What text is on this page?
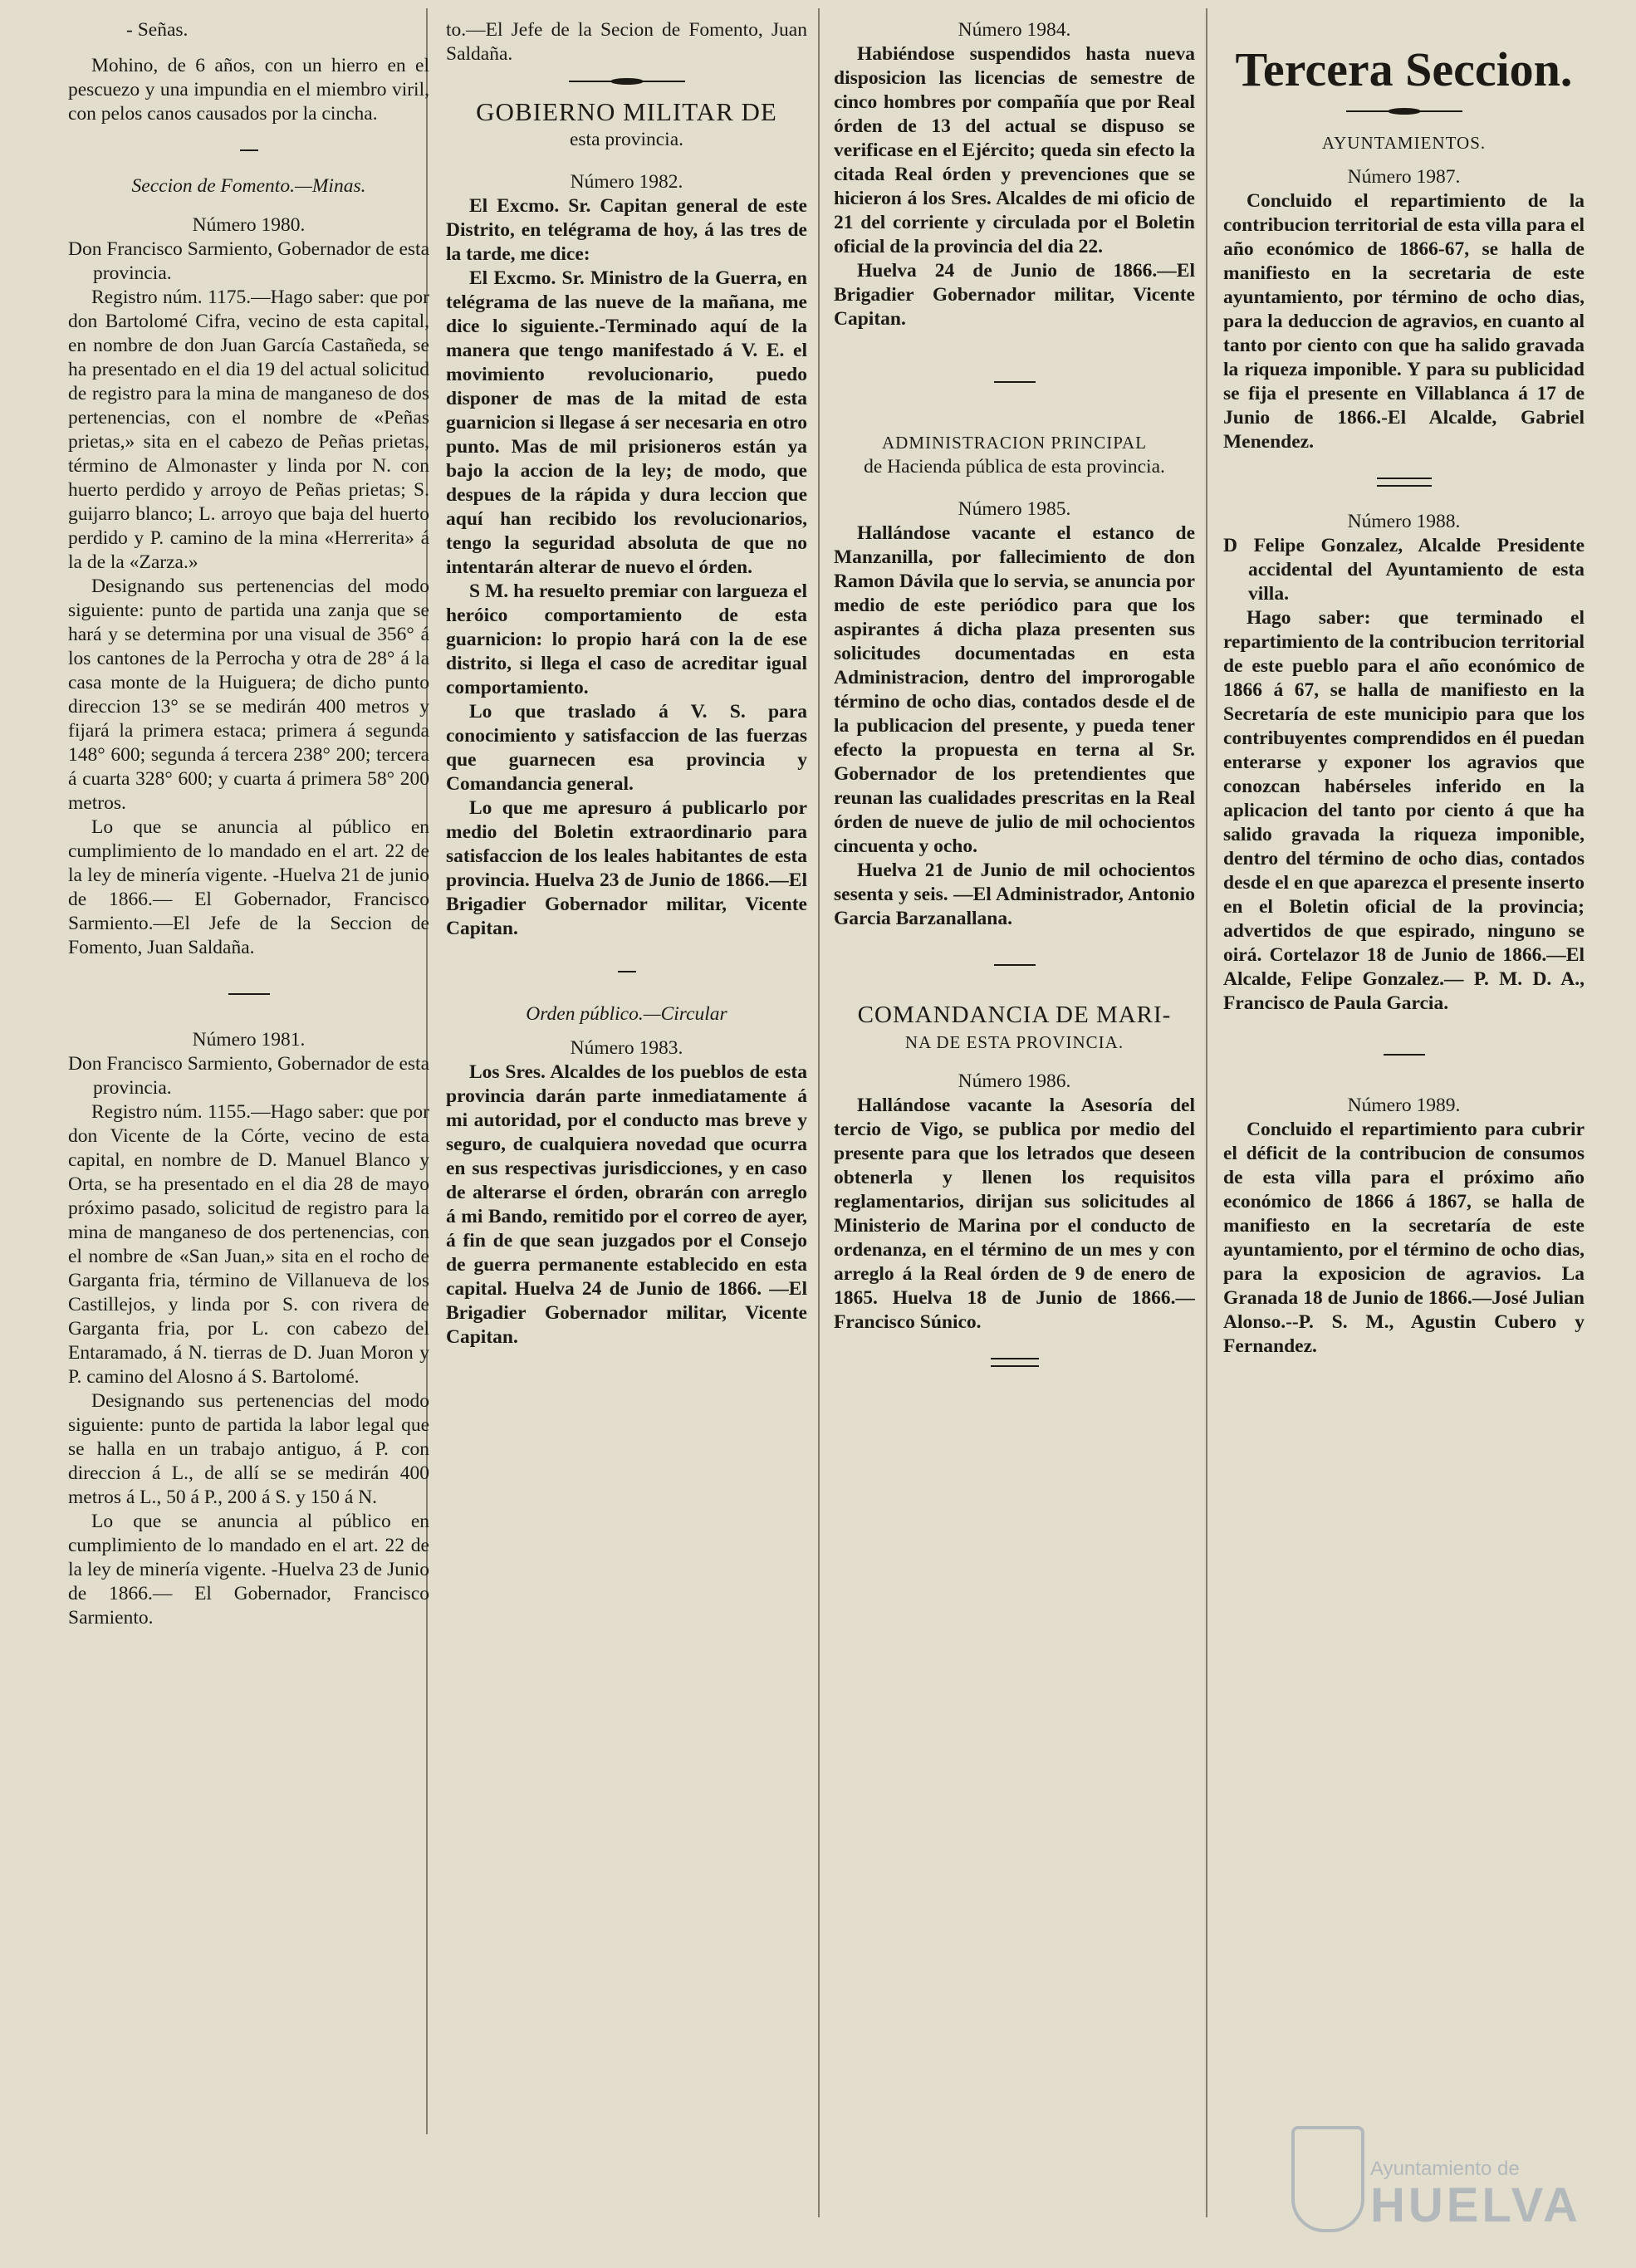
- Señas.

Mohino, de 6 años, con un hierro en el pescuezo y una impundia en el miembro viril, con pelos canos causados por la cincha.

Seccion de Fomento.—Minas.

Número 1980.

Don Francisco Sarmiento, Gobernador de esta provincia.

Registro núm. 1175.—Hago saber: que por don Bartolomé Cifra, vecino de esta capital, en nombre de don Juan García Castañeda, se ha presentado en el dia 19 del actual solicitud de registro para la mina de manganeso de dos pertenencias, con el nombre de «Peñas prietas,» sita en el cabezo de Peñas prietas, término de Almonaster y linda por N. con huerto perdido y arroyo de Peñas prietas; S. guijarro blanco; L. arroyo que baja del huerto perdido y P. camino de la mina «Herrerita» á la de la «Zarza.»

Designando sus pertenencias del modo siguiente: punto de partida una zanja que se hará y se determina por una visual de 356° á los cantones de la Perrocha y otra de 28° á la casa monte de la Huiguera; de dicho punto direccion 13° se se medirán 400 metros y fijará la primera estaca; primera á segunda 148° 600; segunda á tercera 238° 200; tercera á cuarta 328° 600; y cuarta á primera 58° 200 metros.

Lo que se anuncia al público en cumplimiento de lo mandado en el art. 22 de la ley de minería vigente. -Huelva 21 de junio de 1866.— El Gobernador, Francisco Sarmiento.—El Jefe de la Seccion de Fomento, Juan Saldaña.

Número 1981.

Don Francisco Sarmiento, Gobernador de esta provincia.

Registro núm. 1155.—Hago saber: que por don Vicente de la Córte, vecino de esta capital, en nombre de D. Manuel Blanco y Orta, se ha presentado en el dia 28 de mayo próximo pasado, solicitud de registro para la mina de manganeso de dos pertenencias, con el nombre de «San Juan,» sita en el rocho de Garganta fria, término de Villanueva de los Castillejos, y linda por S. con rivera de Garganta fria, por L. con cabezo del Entaramado, á N. tierras de D. Juan Moron y P. camino del Alosno á S. Bartolomé.

Designando sus pertenencias del modo siguiente: punto de partida la labor legal que se halla en un trabajo antiguo, á P. con direccion á L., de allí se se medirán 400 metros á L., 50 á P., 200 á S. y 150 á N.

Lo que se anuncia al público en cumplimiento de lo mandado en el art. 22 de la ley de minería vigente. -Huelva 23 de Junio de 1866.— El Gobernador, Francisco Sarmiento.

to.—El Jefe de la Secion de Fomento, Juan Saldaña.

GOBIERNO MILITAR DE

esta provincia.

Número 1982.

El Excmo. Sr. Capitan general de este Distrito, en telégrama de hoy, á las tres de la tarde, me dice:

El Excmo. Sr. Ministro de la Guerra, en telégrama de las nueve de la mañana, me dice lo siguiente.-Terminado aquí de la manera que tengo manifestado á V. E. el movimiento revolucionario, puedo disponer de mas de la mitad de esta guarnicion si llegase á ser necesaria en otro punto. Mas de mil prisioneros están ya bajo la accion de la ley; de modo, que despues de la rápida y dura leccion que aquí han recibido los revolucionarios, tengo la seguridad absoluta de que no intentarán alterar de nuevo el órden.

S M. ha resuelto premiar con largueza el heróico comportamiento de esta guarnicion: lo propio hará con la de ese distrito, si llega el caso de acreditar igual comportamiento.

Lo que traslado á V. S. para conocimiento y satisfaccion de las fuerzas que guarnecen esa provincia y Comandancia general.

Lo que me apresuro á publicarlo por medio del Boletin extraordinario para satisfaccion de los leales habitantes de esta provincia. Huelva 23 de Junio de 1866.—El Brigadier Gobernador militar, Vicente Capitan.

Orden público.—Circular

Número 1983.

Los Sres. Alcaldes de los pueblos de esta provincia darán parte inmediatamente á mi autoridad, por el conducto mas breve y seguro, de cualquiera novedad que ocurra en sus respectivas jurisdicciones, y en caso de alterarse el órden, obrarán con arreglo á mi Bando, remitido por el correo de ayer, á fin de que sean juzgados por el Consejo de guerra permanente establecido en esta capital. Huelva 24 de Junio de 1866. —El Brigadier Gobernador militar, Vicente Capitan.

Número 1984.

Habiéndose suspendidos hasta nueva disposicion las licencias de semestre de cinco hombres por compañía que por Real órden de 13 del actual se dispuso se verificase en el Ejército; queda sin efecto la citada Real órden y prevenciones que se hicieron á los Sres. Alcaldes de mi oficio de 21 del corriente y circulada por el Boletin oficial de la provincia del dia 22.

Huelva 24 de Junio de 1866.—El Brigadier Gobernador militar, Vicente Capitan.

ADMINISTRACION PRINCIPAL

de Hacienda pública de esta provincia.

Número 1985.

Hallándose vacante el estanco de Manzanilla, por fallecimiento de don Ramon Dávila que lo servia, se anuncia por medio de este periódico para que los aspirantes á dicha plaza presenten sus solicitudes documentadas en esta Administracion, dentro del improrogable término de ocho dias, contados desde el de la publicacion del presente, y pueda tener efecto la propuesta en terna al Sr. Gobernador de los pretendientes que reunan las cualidades prescritas en la Real órden de nueve de julio de mil ochocientos cincuenta y ocho.

Huelva 21 de Junio de mil ochocientos sesenta y seis. —El Administrador, Antonio Garcia Barzanallana.

COMANDANCIA DE MARI-

NA DE ESTA PROVINCIA.

Número 1986.

Hallándose vacante la Asesoría del tercio de Vigo, se publica por medio del presente para que los letrados que deseen obtenerla y llenen los requisitos reglamentarios, dirijan sus solicitudes al Ministerio de Marina por el conducto de ordenanza, en el término de un mes y con arreglo á la Real órden de 9 de enero de 1865. Huelva 18 de Junio de 1866.— Francisco Súnico.

Tercera Seccion.

AYUNTAMIENTOS.

Número 1987.

Concluido el repartimiento de la contribucion territorial de esta villa para el año económico de 1866-67, se halla de manifiesto en la secretaria de este ayuntamiento, por término de ocho dias, para la deduccion de agravios, en cuanto al tanto por ciento con que ha salido gravada la riqueza imponible. Y para su publicidad se fija el presente en Villablanca á 17 de Junio de 1866.-El Alcalde, Gabriel Menendez.

Número 1988.

D Felipe Gonzalez, Alcalde Presidente accidental del Ayuntamiento de esta villa.

Hago saber: que terminado el repartimiento de la contribucion territorial de este pueblo para el año económico de 1866 á 67, se halla de manifiesto en la Secretaría de este municipio para que los contribuyentes comprendidos en él puedan enterarse y exponer los agravios que conozcan habérseles inferido en la aplicacion del tanto por ciento á que ha salido gravada la riqueza imponible, dentro del término de ocho dias, contados desde el en que aparezca el presente inserto en el Boletin oficial de la provincia; advertidos de que espirado, ninguno se oirá. Cortelazor 18 de Junio de 1866.—El Alcalde, Felipe Gonzalez.— P. M. D. A., Francisco de Paula Garcia.

Número 1989.

Concluido el repartimiento para cubrir el déficit de la contribucion de consumos de esta villa para el próximo año económico de 1866 á 1867, se halla de manifiesto en la secretaría de este ayuntamiento, por el término de ocho dias, para la exposicion de agravios. La Granada 18 de Junio de 1866.—José Julian Alonso.--P. S. M., Agustin Cubero y Fernandez.

Ayuntamiento de
HUELVA
